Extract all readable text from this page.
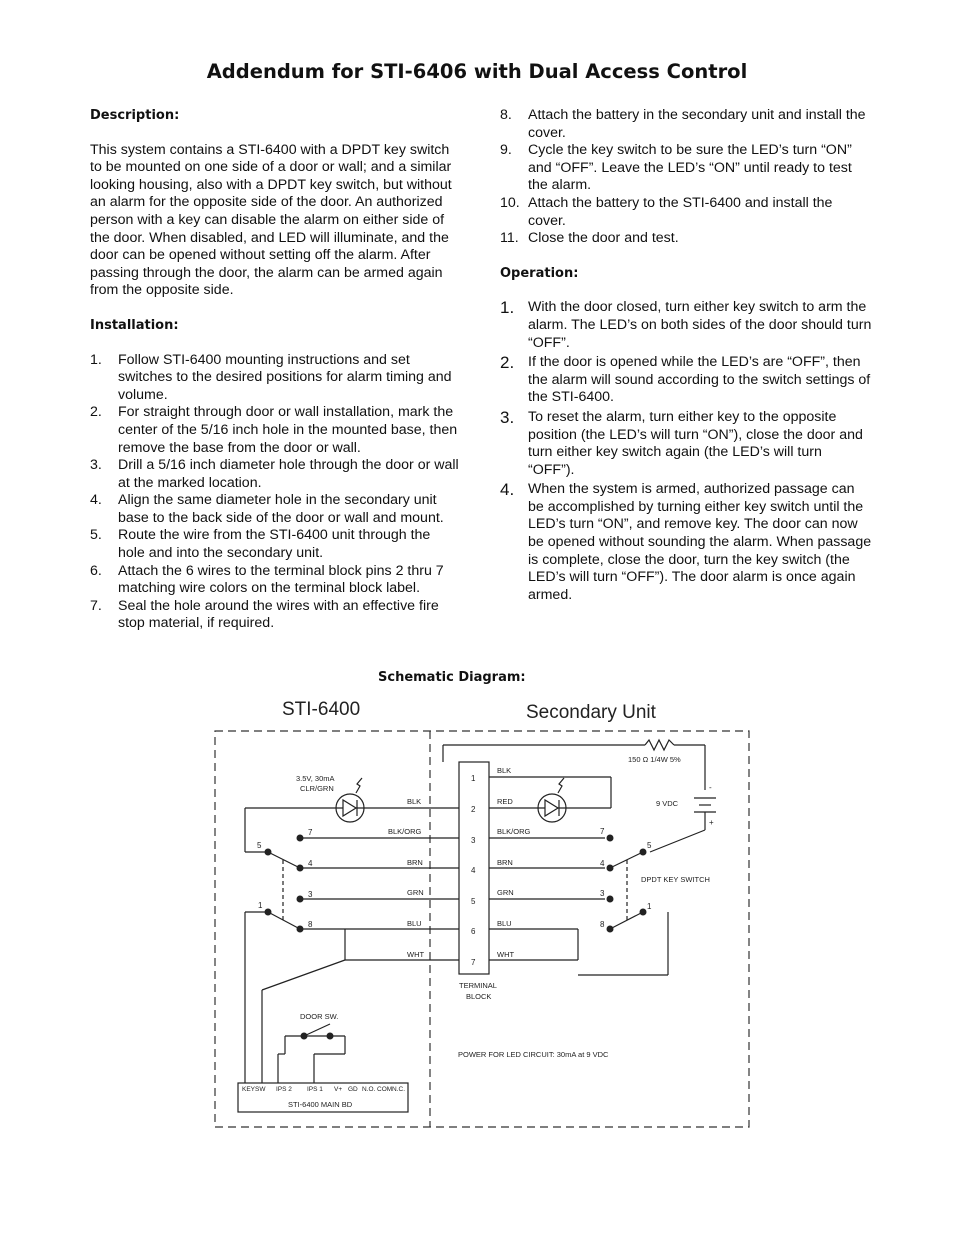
Addendum for STI-6406 with Dual Access Control

Description:

This system contains a STI-6400 with a DPDT key switch to be mounted on one side of a door or wall; and a similar looking housing, also with a DPDT key switch, but without an alarm for the opposite side of the door. An authorized person with a key can disable the alarm on either side of the door. When disabled, and LED will illuminate, and the door can be opened without setting off the alarm. After passing through the door, the alarm can be armed again from the opposite side.

Installation:

1. Follow STI-6400 mounting instructions and set switches to the desired positions for alarm timing and volume.
2. For straight through door or wall installation, mark the center of the 5/16 inch hole in the mounted base, then remove the base from the door or wall.
3. Drill a 5/16 inch diameter hole through the door or wall at the marked location.
4. Align the same diameter hole in the secondary unit base to the back side of the door or wall and mount.
5. Route the wire from the STI-6400 unit through the hole and into the secondary unit.
6. Attach the 6 wires to the terminal block pins 2 thru 7 matching wire colors on the terminal block label.
7. Seal the hole around the wires with an effective fire stop material, if required.
8. Attach the battery in the secondary unit and install the cover.
9. Cycle the key switch to be sure the LED’s turn “ON” and “OFF”. Leave the LED’s “ON” until ready to test the alarm.
10. Attach the battery to the STI-6400 and install the cover.
11. Close the door and test.

Operation:

1. With the door closed, turn either key switch to arm the alarm. The LED’s on both sides of the door should turn “OFF”.
2. If the door is opened while the LED’s are “OFF”, then the alarm will sound according to the switch settings of the STI-6400.
3. To reset the alarm, turn either key to the opposite position (the LED’s will turn “ON”), close the door and turn either key switch again (the LED’s will turn “OFF”).
4. When the system is armed, authorized passage can be accomplished by turning either key switch until the LED’s turn “ON”, and remove key. The door can now be opened without sounding the alarm. When passage is complete, close the door, turn the key switch (the LED’s will turn “OFF”). The door alarm is once again armed.
Schematic Diagram:
STI-6400	Secondary Unit
1
2
3
4
5
6
7
TERMINAL
BLOCK
BLK
BLK/ORG
BRN
GRN
BLU
WHT
BLK
RED
BLK/ORG
BRN
GRN
BLU
WHT
7
5
4
3
1
8
7
5
4
3
1
8
3.5V, 30mA
CLR/GRN
150 Ω 1/4W 5%
9 VDC
-
+
DPDT KEY SWITCH
DOOR SW.
POWER FOR LED CIRCUIT: 30mA at 9 VDC
STI-6400 MAIN BD
KEYSW IPS 2 IPS 1 V+ GD N.O. COM N.C.
